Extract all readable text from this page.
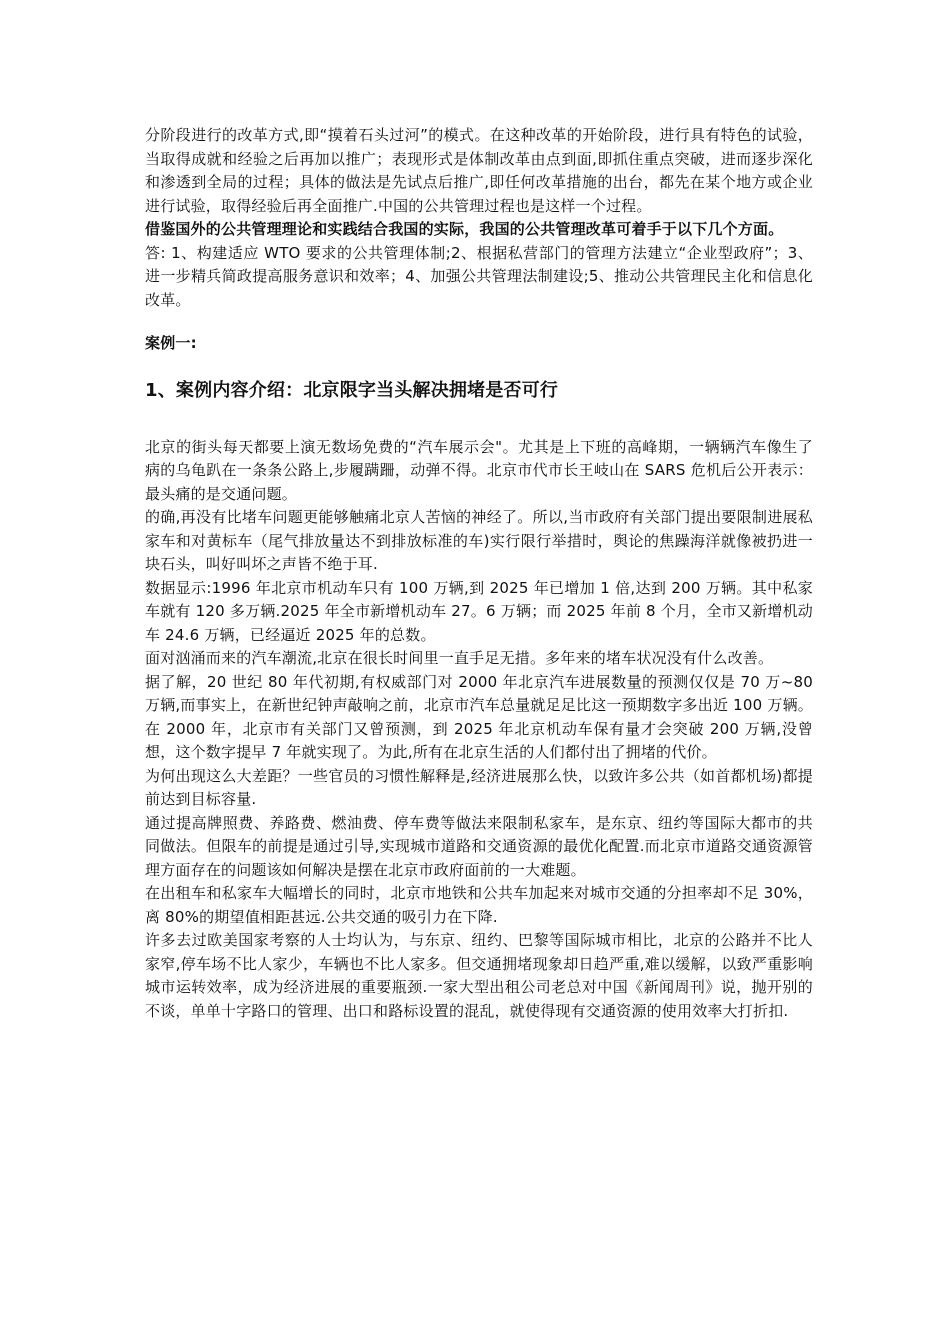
分阶段进行的改革方式,即“摸着石头过河”的模式。在这种改革的开始阶段，进行具有特色的试验，当取得成就和经验之后再加以推广；表现形式是体制改革由点到面,即抓住重点突破，进而逐步深化和渗透到全局的过程；具体的做法是先试点后推广,即任何改革措施的出台，都先在某个地方或企业进行试验，取得经验后再全面推广.中国的公共管理过程也是这样一个过程。

借鉴国外的公共管理理论和实践结合我国的实际，我国的公共管理改革可着手于以下几个方面。

答: 1、构建适应 WTO 要求的公共管理体制;2、根据私营部门的管理方法建立“企业型政府”；3、进一步精兵简政提高服务意识和效率；4、加强公共管理法制建设;5、推动公共管理民主化和信息化改革。

案例一:

1、案例内容介绍：北京限字当头解决拥堵是否可行

北京的街头每天都要上演无数场免费的“汽车展示会"。尤其是上下班的高峰期，一辆辆汽车像生了病的乌龟趴在一条条公路上,步履蹒跚，动弹不得。北京市代市长王岐山在 SARS 危机后公开表示：最头痛的是交通问题。

的确,再没有比堵车问题更能够触痛北京人苦恼的神经了。所以,当市政府有关部门提出要限制进展私家车和对黄标车（尾气排放量达不到排放标准的车)实行限行举措时，舆论的焦躁海洋就像被扔进一块石头，叫好叫坏之声皆不绝于耳.

数据显示:1996 年北京市机动车只有 100 万辆,到 2025 年已增加 1 倍,达到 200 万辆。其中私家车就有 120 多万辆.2025 年全市新增机动车 27。6 万辆；而 2025 年前 8 个月，全市又新增机动车 24.6 万辆，已经逼近 2025 年的总数。

面对汹涌而来的汽车潮流,北京在很长时间里一直手足无措。多年来的堵车状况没有什么改善。

据了解，20 世纪 80 年代初期,有权威部门对 2000 年北京汽车进展数量的预测仅仅是 70 万~80 万辆,而事实上，在新世纪钟声敲响之前，北京市汽车总量就足足比这一预期数字多出近 100 万辆。在 2000 年，北京市有关部门又曾预测，到 2025 年北京机动车保有量才会突破 200 万辆,没曾想，这个数字提早 7 年就实现了。为此,所有在北京生活的人们都付出了拥堵的代价。

为何出现这么大差距？一些官员的习惯性解释是,经济进展那么快，以致许多公共（如首都机场)都提前达到目标容量.

通过提高牌照费、养路费、燃油费、停车费等做法来限制私家车，是东京、纽约等国际大都市的共同做法。但限车的前提是通过引导,实现城市道路和交通资源的最优化配置.而北京市道路交通资源管理方面存在的问题该如何解决是摆在北京市政府面前的一大难题。

在出租车和私家车大幅增长的同时，北京市地铁和公共车加起来对城市交通的分担率却不足 30%，离 80%的期望值相距甚远.公共交通的吸引力在下降.

许多去过欧美国家考察的人士均认为，与东京、纽约、巴黎等国际城市相比，北京的公路并不比人家窄,停车场不比人家少，车辆也不比人家多。但交通拥堵现象却日趋严重,难以缓解，以致严重影响城市运转效率，成为经济进展的重要瓶颈.一家大型出租公司老总对中国《新闻周刊》说，抛开别的不谈，单单十字路口的管理、出口和路标设置的混乱，就使得现有交通资源的使用效率大打折扣.
